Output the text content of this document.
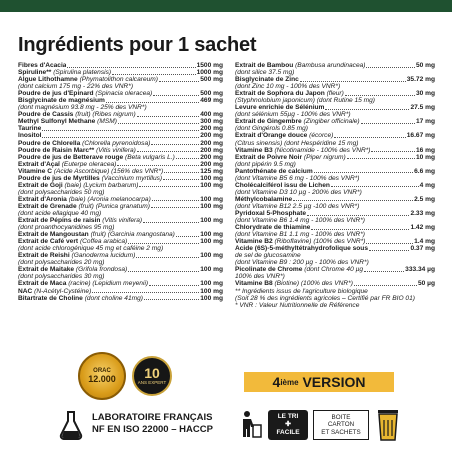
Ingrédients pour 1 sachet
Fibres d'Acacia	1500 mg
Spiruline** (Spirulina platensis)	1000 mg
Algue Lithothamne (Phymatolithon calcareum)	500 mg
(dont calcium 175 mg - 22% des VNR*)
Poudre de jus d'Epinard (Spinacia oleracea)	500 mg
Bisglycinate de magnésium	469 mg
(dont magnésium 93.8 mg - 25% des VNR*)
Poudre de Cassis (fruit) (Ribes nigrum)	400 mg
Methyl Sulfonyl Methane (MSM)	300 mg
Taurine	200 mg
Inositol	200 mg
Poudre de Chlorella (Chlorella pyrenoidosa)	200 mg
Poudre de Raisin Marc** (Vitis vinifera)	200 mg
Poudre de jus de Betterave rouge (Beta vulgaris L.)	200 mg
Extrait d'Açaï (Euterpe oleracea)	200 mg
Vitamine C (Acide Ascorbique) (156% des VNR*)	125 mg
Poudre de jus de Myrtilles (Vaccinium myrtillus)	100 mg
Extrait de Goji (baie) (Lycium barbarum)	100 mg
(dont polysaccharides 50 mg)
Extrait d'Aronia (baie) (Aronia melanocarpa)	100 mg
Extrait de Grenade (fruit) (Punica granatum)	100 mg
(dont acide ellagique 40 mg)
Extrait de Pépins de raisin (Vitis vinifera)	100 mg
(dont proanthocyanidines 95 mg)
Extrait de Mangoustan (fruit) (Garcinia mangostana)	100 mg
Extrait de Café vert (Coffea arabica)	100 mg
(dont acide chlorogénique 45 mg et caféine 2 mg)
Extrait de Reishi (Ganoderma lucidum)	100 mg
(dont polysaccharides 20 mg)
Extrait de Maitake (Grifola frondosa)	100 mg
(dont polysaccharides 30 mg)
Extrait de Maca (racine) (Lepidium meyenii)	100 mg
NAC (N-Acétyl-Cystéine)	100 mg
Bitartrate de Choline (dont choline 41mg)	100 mg
Extrait de Bambou (Bambusa arundinacea)	50 mg
(dont silice 37.5 mg)
Bisglycinate de Zinc	35.72 mg
(dont Zinc 10 mg - 100% des VNR*)
Extrait de Sophora du Japon (fleur)	30 mg
(Styphnolobium japonicum) (dont Rutine 15 mg)
Levure enrichie de Sélénium	27.5 mg
(dont sélénium 55µg - 100% des VNR*)
Extrait de Gingembre (Zingiber officinale)	17 mg
(dont Gingérols 0.85 mg)
Extrait d'Orange douce (écorce)	16.67 mg
(Citrus sinensis) (dont Hespéridine 15 mg)
Vitamine B3 (Nicotinamide - 100% des VNR*)	16 mg
Extrait de Poivre Noir (Piper nigrum)	10 mg
(dont pipérin 9.5 mg)
Pantothénate de calcium	6.6 mg
(dont Vitamine B5 6 mg - 100% des VNR*)
Cholécalciférol issu de Lichen	4 mg
(dont Vitamine D3 10 µg - 200% des VNR*)
Méthylcobalamine	2.5 mg
(dont Vitamine B12 2.5 µg -100 des VNR*)
Pyridoxal 5-Phosphate	2.33 mg
(dont Vitamine B6 1.4 mg - 100% des VNR*)
Chlorydrate de thiamine	1.42 mg
(dont Vitamine B1 1.1 mg - 100% des VNR*)
Vitamine B2 (Riboflavine) (100% des VNR*)	1.4 mg
Acide (6S)-5-méthyltétrahydrofolique sous	0.37 mg
de sel de glucosamine
(dont Vitamine B9 : 200 µg - 100% des VNR*)
Picolinate de Chrome (dont Chrome 40 µg	333.34 µg
100% des VNR*)
Vitamine B8 (Biotine) (100% des VNR*)	50 µg
** Ingrédients issus de l'agriculture biologique
(Soit 28 % des ingrédients agricoles – Certifié par FR BIO 01)
* VNR : Valeur Nutritionnelle de Référence
ORAC
12.000 10
ANS EXPERT	4 ième
VERSION
LABORATOIRE FRANÇAIS
NF EN ISO 22000 – HACCP
LE TRI
✚
FACILE
BOITE
CARTON
ET SACHETS
